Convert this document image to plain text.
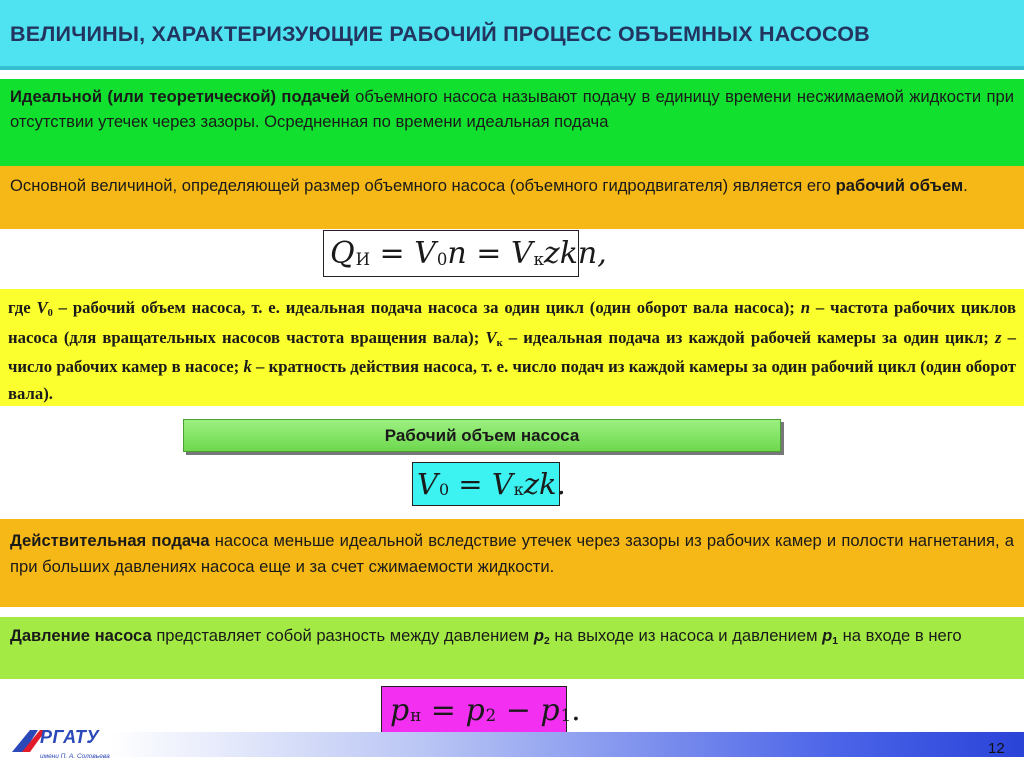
ВЕЛИЧИНЫ, ХАРАКТЕРИЗУЮЩИЕ РАБОЧИЙ ПРОЦЕСС ОБЪЕМНЫХ НАСОСОВ

Идеальной (или теоретической) подачей объемного насоса называют подачу в единицу времени несжимаемой жидкости при отсутствии утечек через зазоры. Осредненная по времени идеальная подача

Основной величиной, определяющей размер объемного насоса (объемного гидродвигателя) является его рабочий объем.

Q И = V 0 n = V к zkn,

где V0 – рабочий объем насоса, т. е. идеальная подача насоса за один цикл (один оборот вала насоса); n – частота рабочих циклов насоса (для вращательных насосов частота вращения вала); Vк – идеальная подача из каждой рабочей камеры за один цикл; z – число рабочих камер в насосе; k – кратность действия насоса, т. е. число подач из каждой камеры за один рабочий цикл (один оборот вала).

Рабочий объем насоса
V 0 = V к zk.

Действительная подача насоса меньше идеальной вследствие утечек через зазоры из рабочих камер и полости нагнетания, а при больших давлениях насоса еще и за счет сжимаемости жидкости.

Давление насоса представляет собой разность между давлением p2 на выходе из насоса и давлением p1 на входе в него

p н = p 2 − p 1 .
РГАТУ
имени П. А. Соловьева	12
